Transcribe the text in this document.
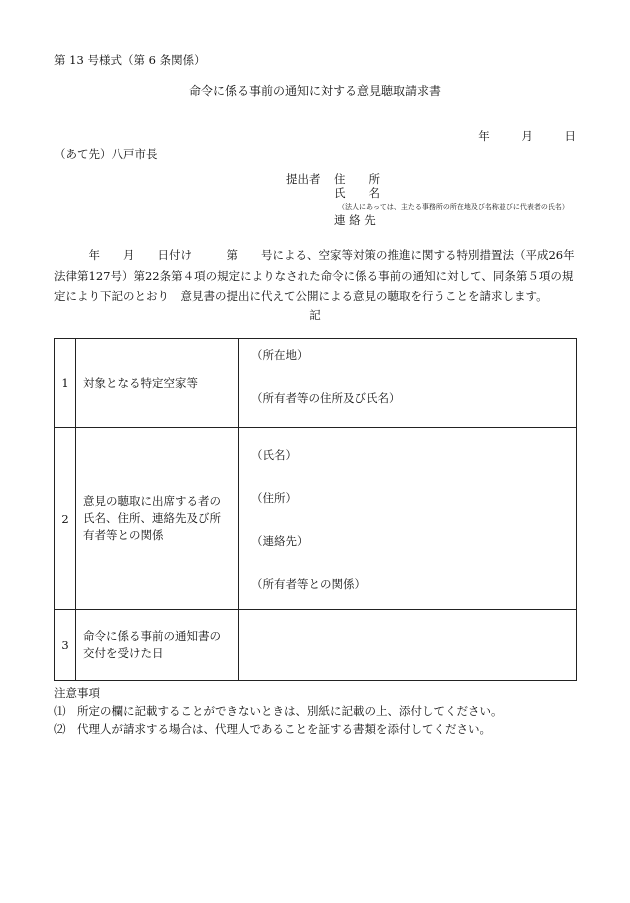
第 13 号様式（第 6 条関係）
命令に係る事前の通知に対する意見聴取請求書
年	月	日
（あて先）八戸市長
提出者 住　　所
氏　　名
（法人にあっては、主たる事務所の所在地及び名称並びに代表者の氏名）
連 絡 先
　　　年　　月　　日付け　　　第　　号による、空家等対策の推進に関する特別措置法（平成26年法律第127号）第22条第４項の規定によりなされた命令に係る事前の通知に対して、同条第５項の規定により下記のとおり　意見書の提出に代えて公開による意見の聴取を行うことを請求します。
記
1	対象となる特定空家等	（所在地）
（所有者等の住所及び氏名）

2	意見の聴取に出席する者の氏名、住所、連絡先及び所有者等との関係	（氏名）
（住所）
（連絡先）
（所有者等との関係）

3	命令に係る事前の通知書の交付を受けた日	

注意事項
⑴　所定の欄に記載することができないときは、別紙に記載の上、添付してください。
⑵　代理人が請求する場合は、代理人であることを証する書類を添付してください。
